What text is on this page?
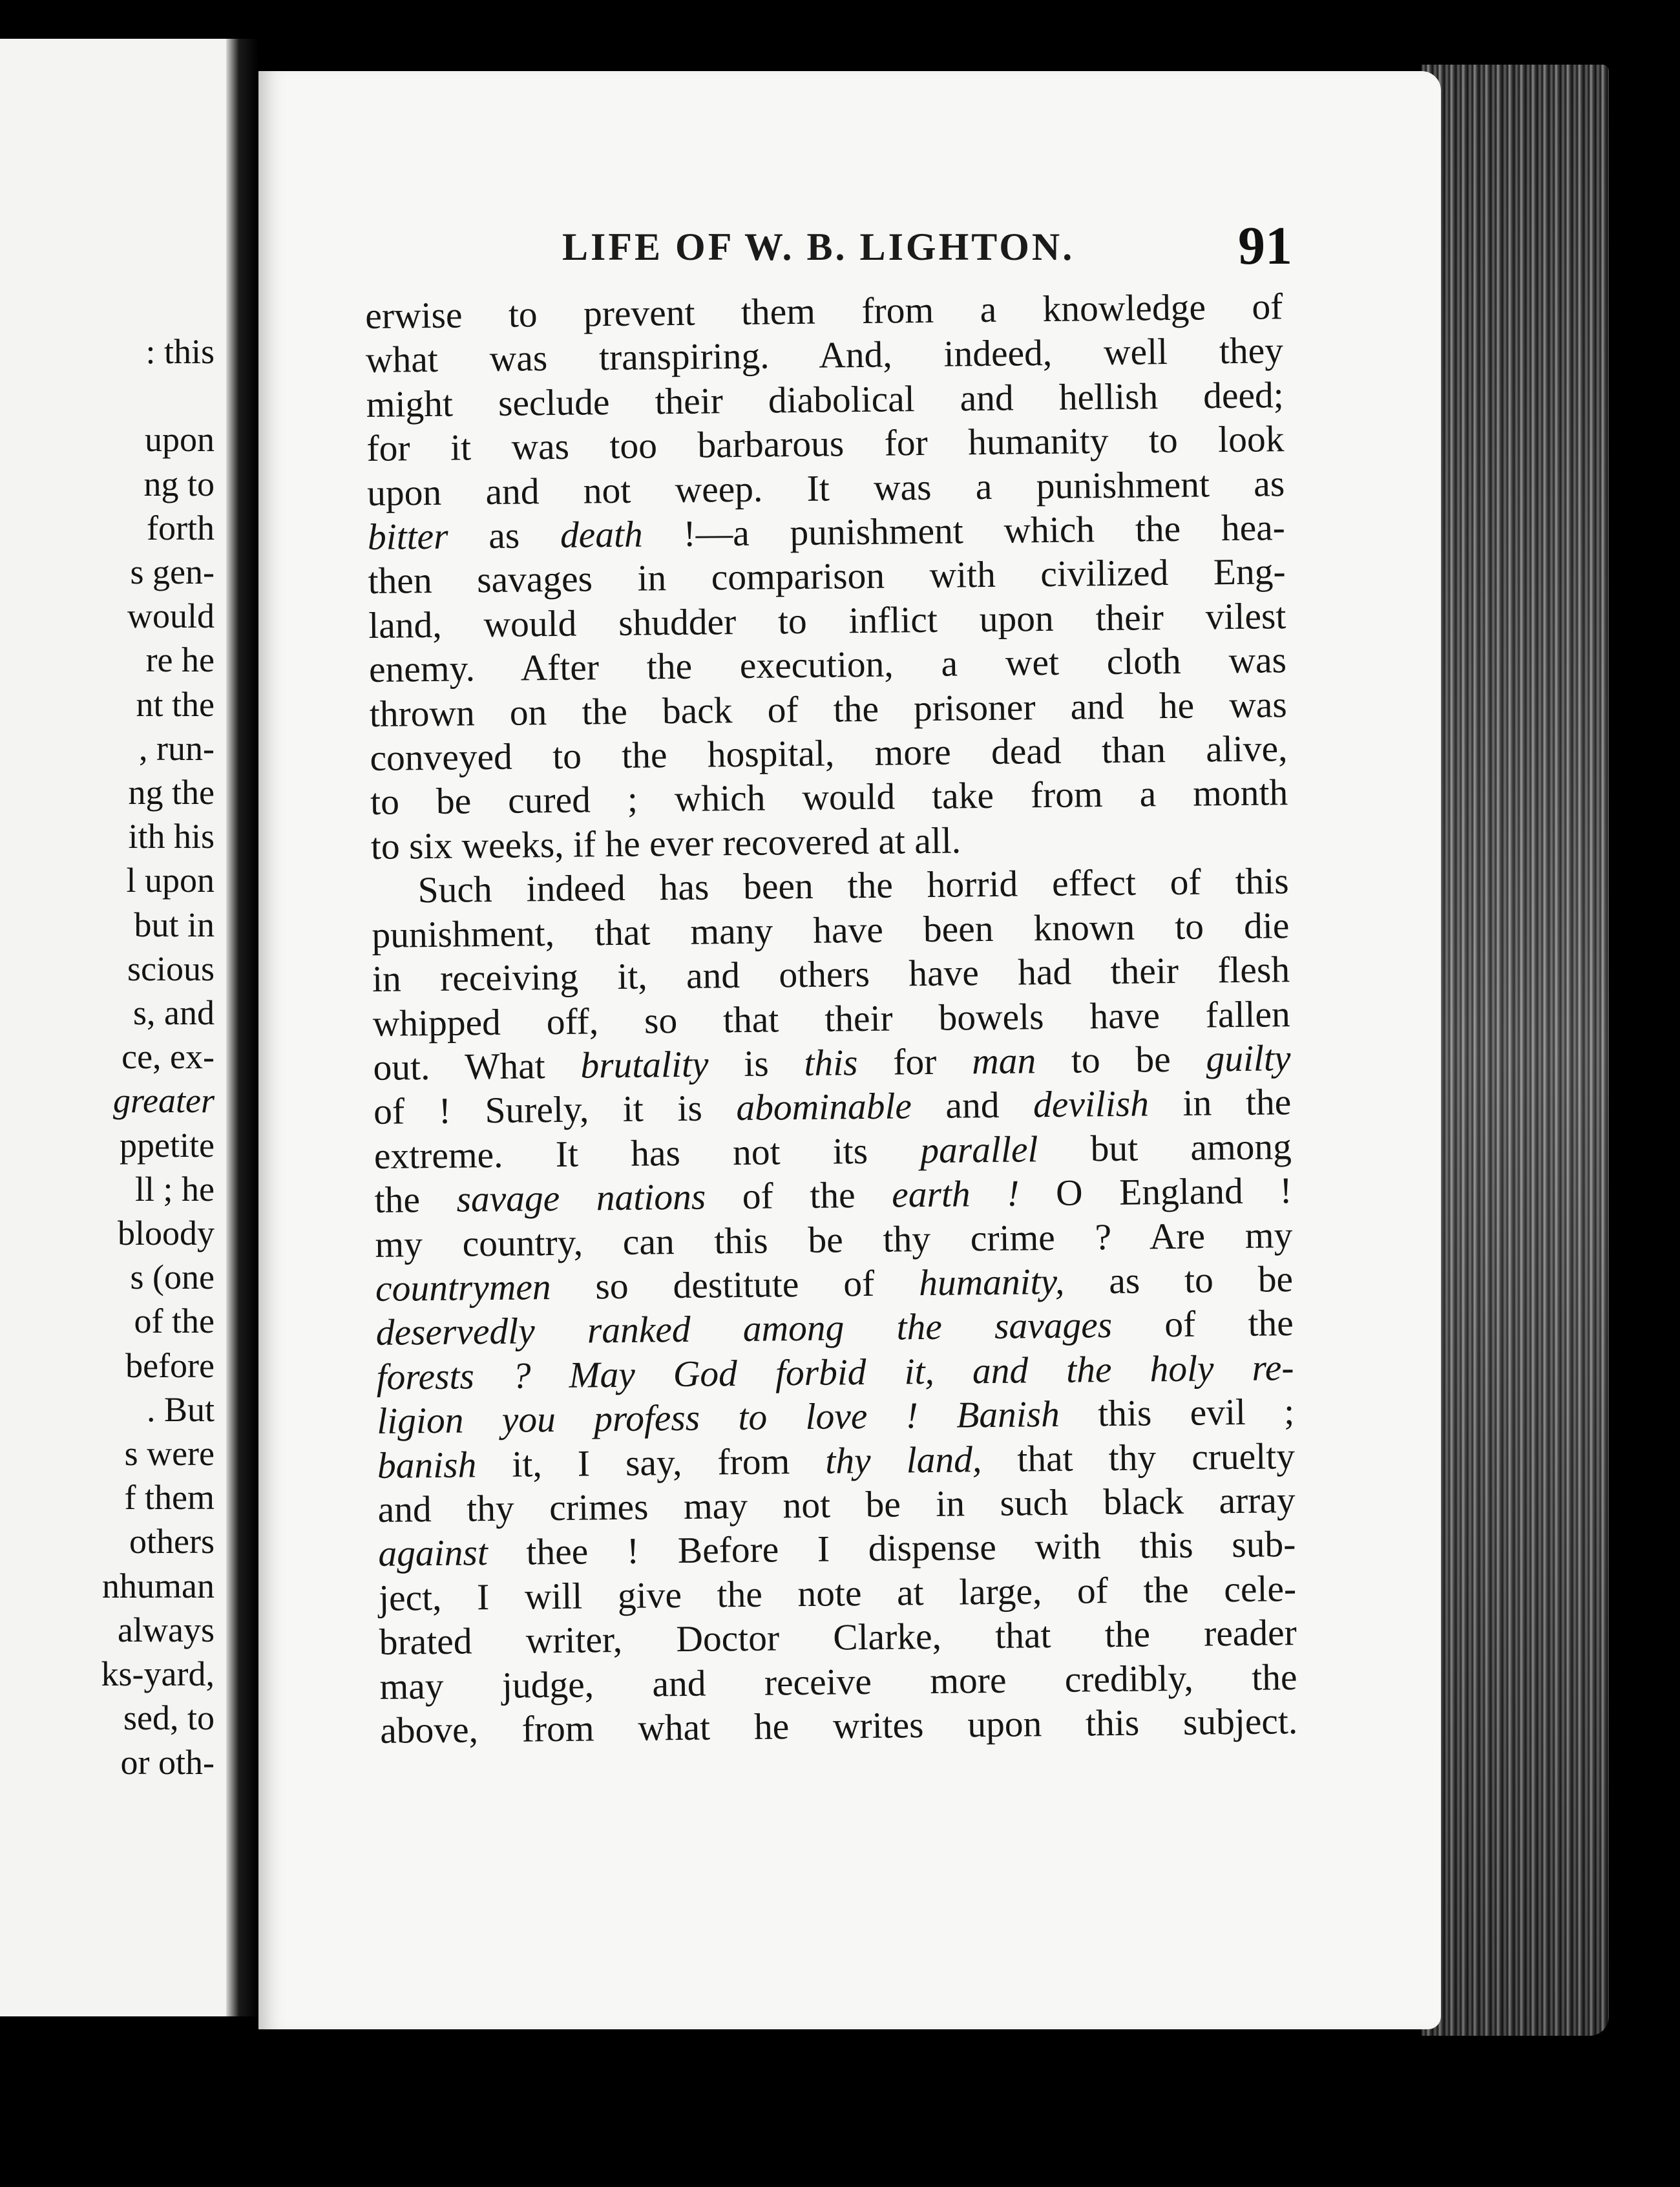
: this

upon
ng to
forth
s gen-
would
re he
nt the
, run-
ng the
ith his
l upon
but in
scious
s, and
ce, ex-
greater
ppetite
ll ; he
bloody
s (one
of the
before
. But
s were
f them
others
nhuman
always
ks-yard,
sed, to
or oth-
LIFE OF W. B. LIGHTON.	91
erwise to prevent them from a knowledge of
what was transpiring. And, indeed, well they
might seclude their diabolical and hellish deed;
for it was too barbarous for humanity to look
upon and not weep. It was a punishment as
bitter as death !—a punishment which the hea-
then savages in comparison with civilized Eng-
land, would shudder to inflict upon their vilest
enemy. After the execution, a wet cloth was
thrown on the back of the prisoner and he was
conveyed to the hospital, more dead than alive,
to be cured ; which would take from a month
to six weeks, if he ever recovered at all.
Such indeed has been the horrid effect of this
punishment, that many have been known to die
in receiving it, and others have had their flesh
whipped off, so that their bowels have fallen
out. What brutality is this for man to be guilty
of ! Surely, it is abominable and devilish in the
extreme. It has not its parallel but among
the savage nations of the earth ! O England !
my country, can this be thy crime ? Are my
countrymen so destitute of humanity, as to be
deservedly ranked among the savages of the
forests ? May God forbid it, and the holy re-
ligion you profess to love ! Banish this evil ;
banish it, I say, from thy land, that thy cruelty
and thy crimes may not be in such black array
against thee ! Before I dispense with this sub-
ject, I will give the note at large, of the cele-
brated writer, Doctor Clarke, that the reader
may judge, and receive more credibly, the
above, from what he writes upon this subject.
